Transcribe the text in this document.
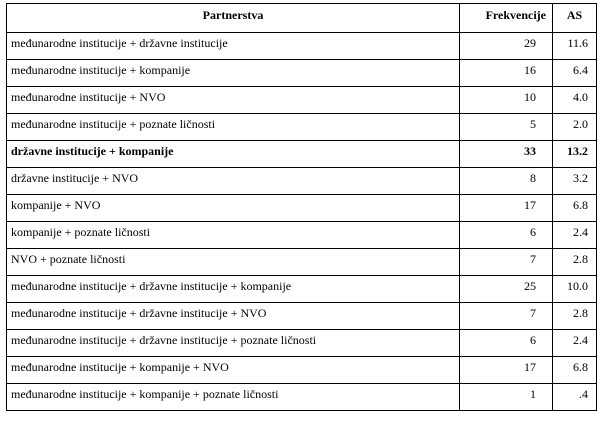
Partnerstva	Frekvencije	AS
međunarodne institucije + državne institucije	29	11.6
međunarodne institucije + kompanije	16	6.4
međunarodne institucije + NVO	10	4.0
međunarodne institucije + poznate ličnosti	5	2.0
državne institucije + kompanije	33	13.2
državne institucije + NVO	8	3.2
kompanije + NVO	17	6.8
kompanije + poznate ličnosti	6	2.4
NVO + poznate ličnosti	7	2.8
međunarodne institucije + državne institucije + kompanije	25	10.0
međunarodne institucije + državne institucije + NVO	7	2.8
međunarodne institucije + državne institucije + poznate ličnosti	6	2.4
međunarodne institucije + kompanije + NVO	17	6.8
međunarodne institucije + kompanije + poznate ličnosti	1	.4
